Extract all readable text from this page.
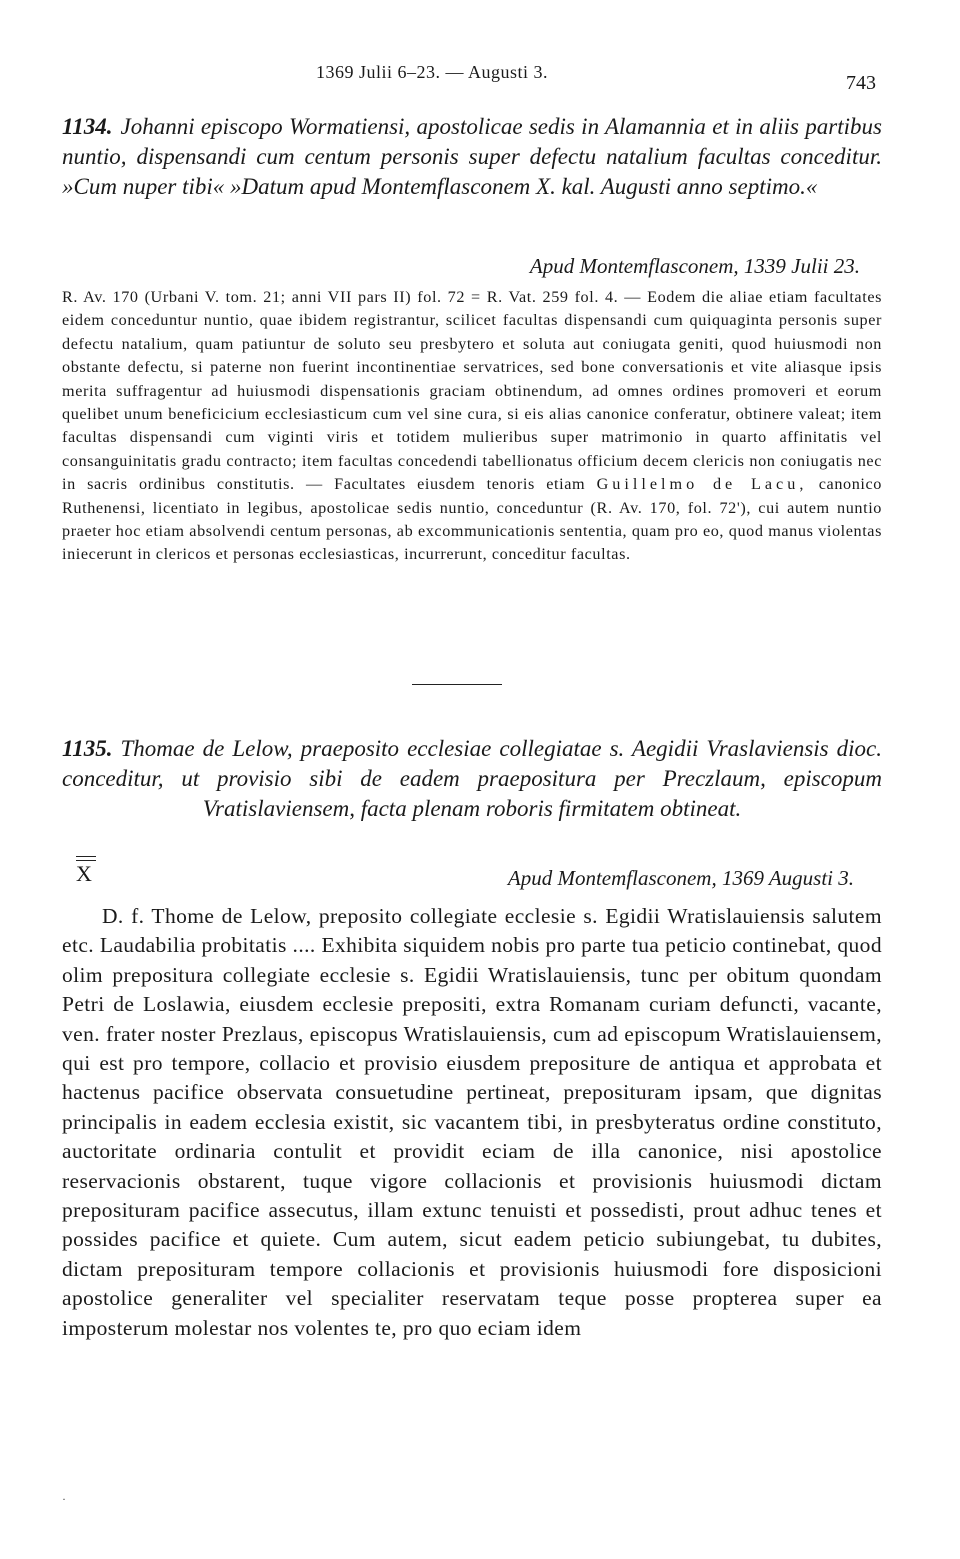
1369 Julii 6–23. — Augusti 3.	743

1134. Johanni episcopo Wormatiensi, apostolicae sedis in Alamannia et in aliis partibus nuntio, dispensandi cum centum personis super defectu natalium facultas conceditur. »Cum nuper tibi« »Datum apud Montemflasconem X. kal. Augusti anno septimo.«

Apud Montemflasconem, 1339 Julii 23.

R. Av. 170 (Urbani V. tom. 21; anni VII pars II) fol. 72 = R. Vat. 259 fol. 4. — Eodem die aliae etiam facultates eidem conceduntur nuntio, quae ibidem registrantur, scilicet facultas dispensandi cum quiquaginta personis super defectu natalium, quam patiuntur de soluto seu presbytero et soluta aut coniugata geniti, quod huiusmodi non obstante defectu, si paterne non fuerint incontinentiae servatrices, sed bone conversationis et vite aliasque ipsis merita suffragentur ad huiusmodi dispensationis graciam obtinendum, ad omnes ordines promoveri et eorum quelibet unum beneficicium ecclesiasticum cum vel sine cura, si eis alias canonice conferatur, obtinere valeat; item facultas dispensandi cum viginti viris et totidem mulieribus super matrimonio in quarto affinitatis vel consanguinitatis gradu contracto; item facultas concedendi tabellionatus officium decem clericis non coniugatis nec in sacris ordinibus constitutis. — Facultates eiusdem tenoris etiam Guillelmo de Lacu, canonico Ruthenensi, licentiato in legibus, apostolicae sedis nuntio, conceduntur (R. Av. 170, fol. 72'), cui autem nuntio praeter hoc etiam absolvendi centum personas, ab excommunicationis sententia, quam pro eo, quod manus violentas iniecerunt in clericos et personas ecclesiasticas, incurrerunt, conceditur facultas.

1135. Thomae de Lelow, praeposito ecclesiae collegiatae s. Aegidii Vraslaviensis dioc. conceditur, ut provisio sibi de eadem praepositura per Preczlaum, episcopum Vratislaviensem, facta plenam roboris firmitatem obtineat.

X	Apud Montemflasconem, 1369 Augusti 3.

D. f. Thome de Lelow, preposito collegiate ecclesie s. Egidii Wratislauiensis salutem etc. Laudabilia probitatis .... Exhibita siquidem nobis pro parte tua peticio continebat, quod olim prepositura collegiate ecclesie s. Egidii Wratislauiensis, tunc per obitum quondam Petri de Loslawia, eiusdem ecclesie prepositi, extra Romanam curiam defuncti, vacante, ven. frater noster Prezlaus, episcopus Wratislauiensis, cum ad episcopum Wratislauiensem, qui est pro tempore, collacio et provisio eiusdem prepositure de antiqua et approbata et hactenus pacifice observata consuetudine pertineat, preposituram ipsam, que dignitas principalis in eadem ecclesia existit, sic vacantem tibi, in presbyteratus ordine constituto, auctoritate ordinaria contulit et providit eciam de illa canonice, nisi apostolice reservacionis obstarent, tuque vigore collacionis et provisionis huiusmodi dictam preposituram pacifice assecutus, illam extunc tenuisti et possedisti, prout adhuc tenes et possides pacifice et quiete. Cum autem, sicut eadem peticio subiungebat, tu dubites, dictam preposituram tempore collacionis et provisionis huiusmodi fore disposicioni apostolice generaliter vel specialiter reservatam teque posse propterea super ea imposterum molestar nos volentes te, pro quo eciam idem

·
